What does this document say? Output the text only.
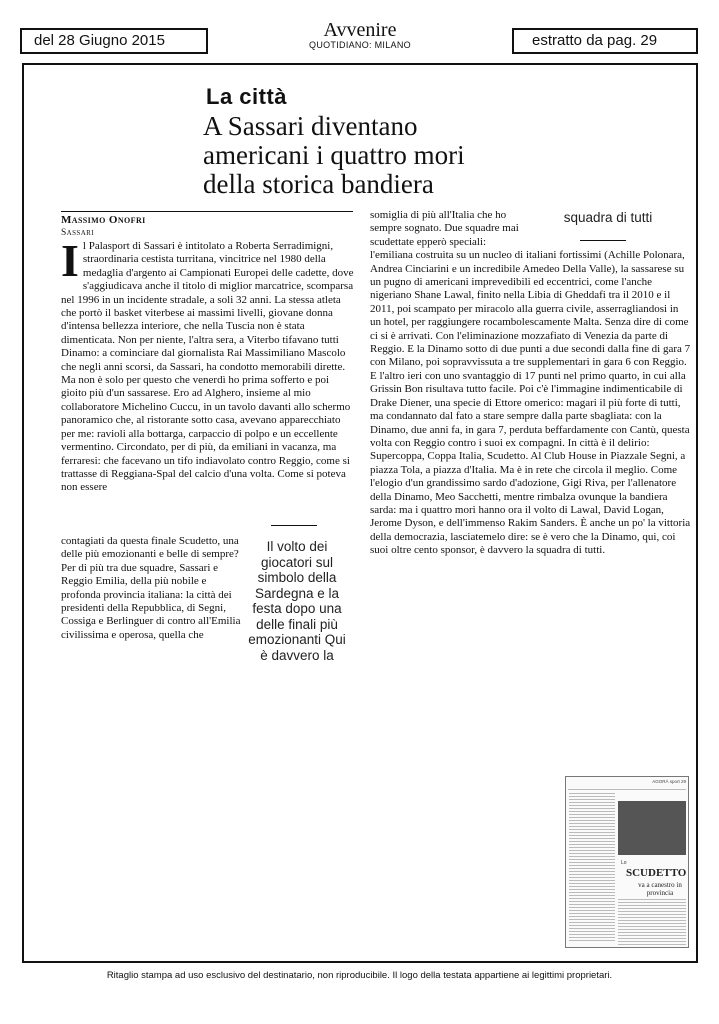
del 28 Giugno 2015	Avvenire
QUOTIDIANO: MILANO	estratto da pag. 29
La città
A Sassari diventano americani i quattro mori della storica bandiera
Massimo Onofri
Sassari
I l Palasport di Sassari è intitolato a Roberta Serradimigni, straordinaria cestista turritana, vincitrice nel 1980 della medaglia d'argento ai Campionati Europei delle cadette, dove s'aggiudicava anche il titolo di miglior marcatrice, scomparsa nel 1996 in un incidente stradale, a soli 32 anni. La stessa atleta che portò il basket viterbese ai massimi livelli, giovane donna d'intensa bellezza interiore, che nella Tuscia non è stata dimenticata. Non per niente, l'altra sera, a Viterbo tifavano tutti Dinamo: a cominciare dal giornalista Rai Massimiliano Mascolo che negli anni scorsi, da Sassari, ha condotto memorabili dirette. Ma non è solo per questo che venerdì ho prima sofferto e poi gioito più d'un sassarese. Ero ad Alghero, insieme al mio collaboratore Michelino Cuccu, in un tavolo davanti allo schermo panoramico che, al ristorante sotto casa, avevano apparecchiato per me: ravioli alla bottarga, carpaccio di polpo e un eccellente vermentino. Circondato, per di più, da emiliani in vacanza, ma ferraresi: che facevano un tifo indiavolato contro Reggio, come si trattasse di Reggiana-Spal del calcio d'una volta. Come si poteva non essere

contagiati da questa finale Scudetto, una delle più emozionanti e belle di sempre? Per di più tra due squadre, Sassari e Reggio Emilia, della più nobile e profonda provincia italiana: la città dei presidenti della Repubblica, di Segni, Cossiga e Berlinguer di contro all'Emilia civilissima e operosa, quella che

Il volto dei giocatori sul simbolo della Sardegna e la festa dopo una delle finali più emozionanti Qui è davvero la

somiglia di più all'Italia che ho sempre sognato. Due squadre mai scudettate epperò speciali:

l'emiliana costruita su un nucleo di italiani fortissimi (Achille Polonara, Andrea Cinciarini e un incredibile Amedeo Della Valle), la sassarese su un pugno di americani imprevedibili ed eccentrici, come l'anche nigeriano Shane Lawal, finito nella Libia di Gheddafi tra il 2010 e il 2011, poi scampato per miracolo alla guerra civile, asserragliandosi in un hotel, per raggiungere rocambolescamente Malta. Senza dire di come ci si è arrivati. Con l'eliminazione mozzafiato di Venezia da parte di Reggio. E la Dinamo sotto di due punti a due secondi dalla fine di gara 7 con Milano, poi sopravvissuta a tre supplementari in gara 6 con Reggio. E l'altro ieri con uno svantaggio di 17 punti nel primo quarto, in cui alla Grissin Bon risultava tutto facile. Poi c'è l'immagine indimenticabile di Drake Diener, una specie di Ettore omerico: magari il più forte di tutti, ma condannato dal fato a stare sempre dalla parte sbagliata: con la Dinamo, due anni fa, in gara 7, perduta beffardamente con Cantù, questa volta con Reggio contro i suoi ex compagni. In città è il delirio: Supercoppa, Coppa Italia, Scudetto. Al Club House in Piazzale Segni, a piazza Tola, a piazza d'Italia. Ma è in rete che circola il meglio. Come l'elogio d'un grandissimo sardo d'adozione, Gigi Riva, per l'allenatore della Dinamo, Meo Sacchetti, mentre rimbalza ovunque la bandiera sarda: ma i quattro mori hanno ora il volto di Lawal, David Logan, Jerome Dyson, e dell'immenso Rakim Sanders. È anche un po' la vittoria della democrazia, lasciatemelo dire: se è vero che la Dinamo, qui, coi suoi oltre cento sponsor, è davvero la squadra di tutti.

squadra di tutti
AGORÀ sport 29
Lo
SCUDETTO
va a canestro in provincia
Ritaglio stampa ad uso esclusivo del destinatario, non riproducibile. Il logo della testata appartiene ai legittimi proprietari.
